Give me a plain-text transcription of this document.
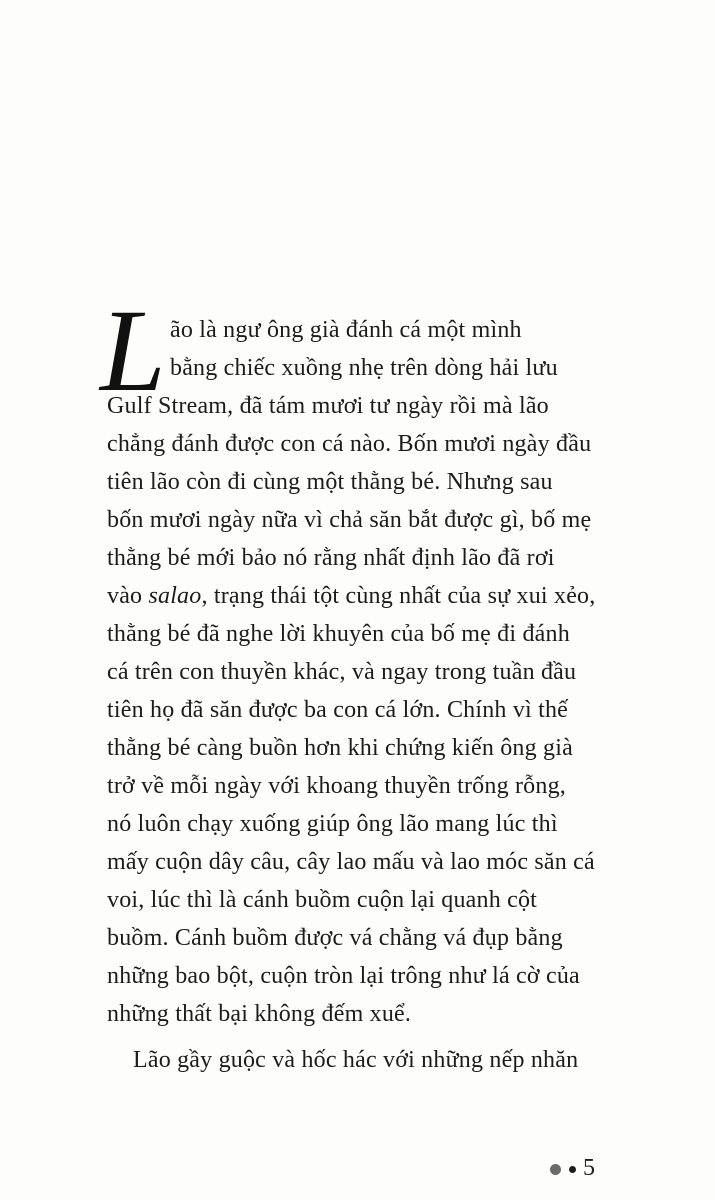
L ão là ngư ông già đánh cá một mình
bằng chiếc xuồng nhẹ trên dòng hải lưu
Gulf Stream, đã tám mươi tư ngày rồi mà lão
chẳng đánh được con cá nào. Bốn mươi ngày đầu
tiên lão còn đi cùng một thằng bé. Nhưng sau
bốn mươi ngày nữa vì chả săn bắt được gì, bố mẹ
thằng bé mới bảo nó rằng nhất định lão đã rơi
vào salao, trạng thái tột cùng nhất của sự xui xẻo,
thằng bé đã nghe lời khuyên của bố mẹ đi đánh
cá trên con thuyền khác, và ngay trong tuần đầu
tiên họ đã săn được ba con cá lớn. Chính vì thế
thằng bé càng buồn hơn khi chứng kiến ông già
trở về mỗi ngày với khoang thuyền trống rỗng,
nó luôn chạy xuống giúp ông lão mang lúc thì
mấy cuộn dây câu, cây lao mấu và lao móc săn cá
voi, lúc thì là cánh buồm cuộn lại quanh cột
buồm. Cánh buồm được vá chằng vá đụp bằng
những bao bột, cuộn tròn lại trông như lá cờ của
những thất bại không đếm xuể.
Lão gầy guộc và hốc hác với những nếp nhăn
5
